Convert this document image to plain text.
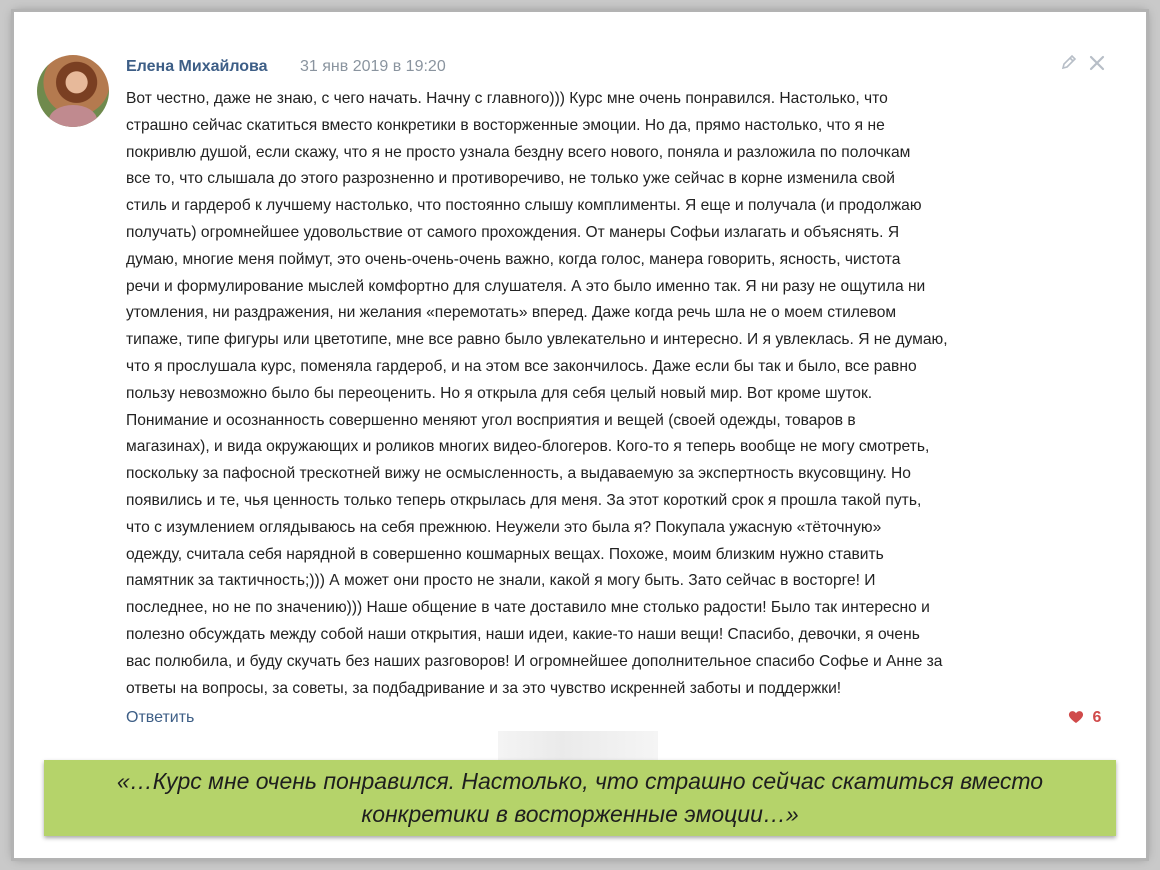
Елена Михайлова 31 янв 2019 в 19:20
Вот честно, даже не знаю, с чего начать. Начну с главного))) Курс мне очень понравился. Настолько, что
страшно сейчас скатиться вместо конкретики в восторженные эмоции. Но да, прямо настолько, что я не
покривлю душой, если скажу, что я не просто узнала бездну всего нового, поняла и разложила по полочкам
все то, что слышала до этого разрозненно и противоречиво, не только уже сейчас в корне изменила свой
стиль и гардероб к лучшему настолько, что постоянно слышу комплименты. Я еще и получала (и продолжаю
получать) огромнейшее удовольствие от самого прохождения. От манеры Софьи излагать и объяснять. Я
думаю, многие меня поймут, это очень-очень-очень важно, когда голос, манера говорить, ясность, чистота
речи и формулирование мыслей комфортно для слушателя. А это было именно так. Я ни разу не ощутила ни
утомления, ни раздражения, ни желания «перемотать» вперед. Даже когда речь шла не о моем стилевом
типаже, типе фигуры или цветотипе, мне все равно было увлекательно и интересно. И я увлеклась. Я не думаю,
что я прослушала курс, поменяла гардероб, и на этом все закончилось. Даже если бы так и было, все равно
пользу невозможно было бы переоценить. Но я открыла для себя целый новый мир. Вот кроме шуток.
Понимание и осознанность совершенно меняют угол восприятия и вещей (своей одежды, товаров в
магазинах), и вида окружающих и роликов многих видео-блогеров. Кого-то я теперь вообще не могу смотреть,
поскольку за пафосной трескотней вижу не осмысленность, а выдаваемую за экспертность вкусовщину. Но
появились и те, чья ценность только теперь открылась для меня. За этот короткий срок я прошла такой путь,
что с изумлением оглядываюсь на себя прежнюю. Неужели это была я? Покупала ужасную «тёточную»
одежду, считала себя нарядной в совершенно кошмарных вещах. Похоже, моим близким нужно ставить
памятник за тактичность;))) А может они просто не знали, какой я могу быть. Зато сейчас в восторге! И
последнее, но не по значению))) Наше общение в чате доставило мне столько радости! Было так интересно и
полезно обсуждать между собой наши открытия, наши идеи, какие-то наши вещи! Спасибо, девочки, я очень
вас полюбила, и буду скучать без наших разговоров! И огромнейшее дополнительное спасибо Софье и Анне за
ответы на вопросы, за советы, за подбадривание и за это чувство искренней заботы и поддержки!
Ответить	6
«…Курс мне очень понравился. Настолько, что страшно сейчас скатиться вместо конкретики в восторженные эмоции…»
